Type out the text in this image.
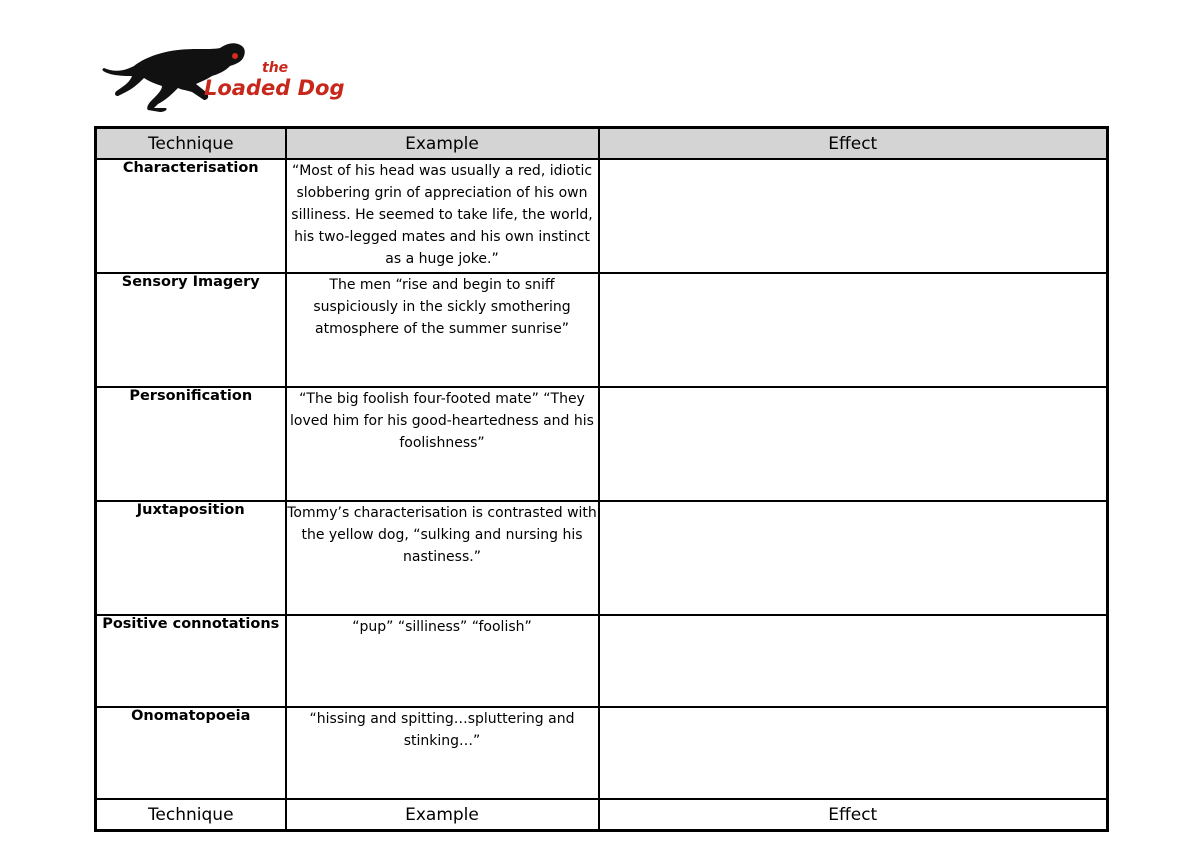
the
Loaded Dog
Technique	Example	Effect
Characterisation	“Most of his head was usually a red, idiotic slobbering grin of appreciation of his own silliness. He seemed to take life, the world, his two-legged mates and his own instinct as a huge joke.”	
Sensory Imagery	The men “rise and begin to sniff suspiciously in the sickly smothering atmosphere of the summer sunrise”	
Personification	“The big foolish four-footed mate” “They loved him for his good-heartedness and his foolishness”	
Juxtaposition	Tommy’s characterisation is contrasted with the yellow dog, “sulking and nursing his nastiness.”	
Positive connotations	“pup” “silliness” “foolish”	
Onomatopoeia	“hissing and spitting…spluttering and stinking…”	
Technique	Example	Effect
